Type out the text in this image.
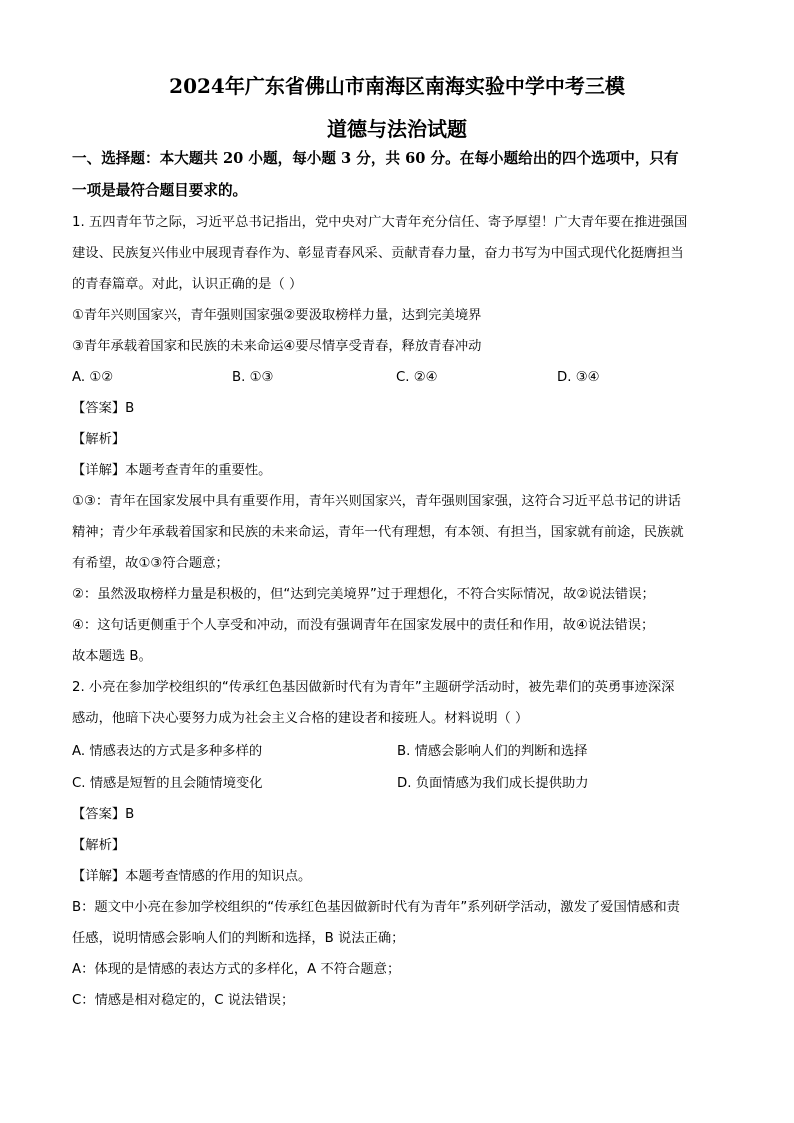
2024年广东省佛山市南海区南海实验中学中考三模
道德与法治试题
一、选择题：本大题共 20 小题，每小题 3 分，共 60 分。在每小题给出的四个选项中，只有
一项是最符合题目要求的。
1. 五四青年节之际，习近平总书记指出，党中央对广大青年充分信任、寄予厚望！广大青年要在推进强国
建设、民族复兴伟业中展现青春作为、彰显青春风采、贡献青春力量，奋力书写为中国式现代化挺膺担当
的青春篇章。对此，认识正确的是（ ）
①青年兴则国家兴，青年强则国家强②要汲取榜样力量，达到完美境界
③青年承载着国家和民族的未来命运④要尽情享受青春，释放青春冲动
A. ①②	B. ①③	C. ②④	D. ③④
【答案】B
【解析】
【详解】本题考查青年的重要性。
①③：青年在国家发展中具有重要作用，青年兴则国家兴，青年强则国家强，这符合习近平总书记的讲话
精神；青少年承载着国家和民族的未来命运，青年一代有理想，有本领、有担当，国家就有前途，民族就
有希望，故①③符合题意；
②：虽然汲取榜样力量是积极的，但“达到完美境界”过于理想化，不符合实际情况，故②说法错误；
④：这句话更侧重于个人享受和冲动，而没有强调青年在国家发展中的责任和作用，故④说法错误；
故本题选 B。
2. 小亮在参加学校组织的“传承红色基因做新时代有为青年”主题研学活动时，被先辈们的英勇事迹深深
感动，他暗下决心要努力成为社会主义合格的建设者和接班人。材料说明（ ）
A. 情感表达的方式是多种多样的	B. 情感会影响人们的判断和选择
C. 情感是短暂的且会随情境变化	D. 负面情感为我们成长提供助力
【答案】B
【解析】
【详解】本题考查情感的作用的知识点。
B：题文中小亮在参加学校组织的“传承红色基因做新时代有为青年”系列研学活动，激发了爱国情感和责
任感，说明情感会影响人们的判断和选择，B 说法正确；
A：体现的是情感的表达方式的多样化，A 不符合题意；
C：情感是相对稳定的，C 说法错误；
